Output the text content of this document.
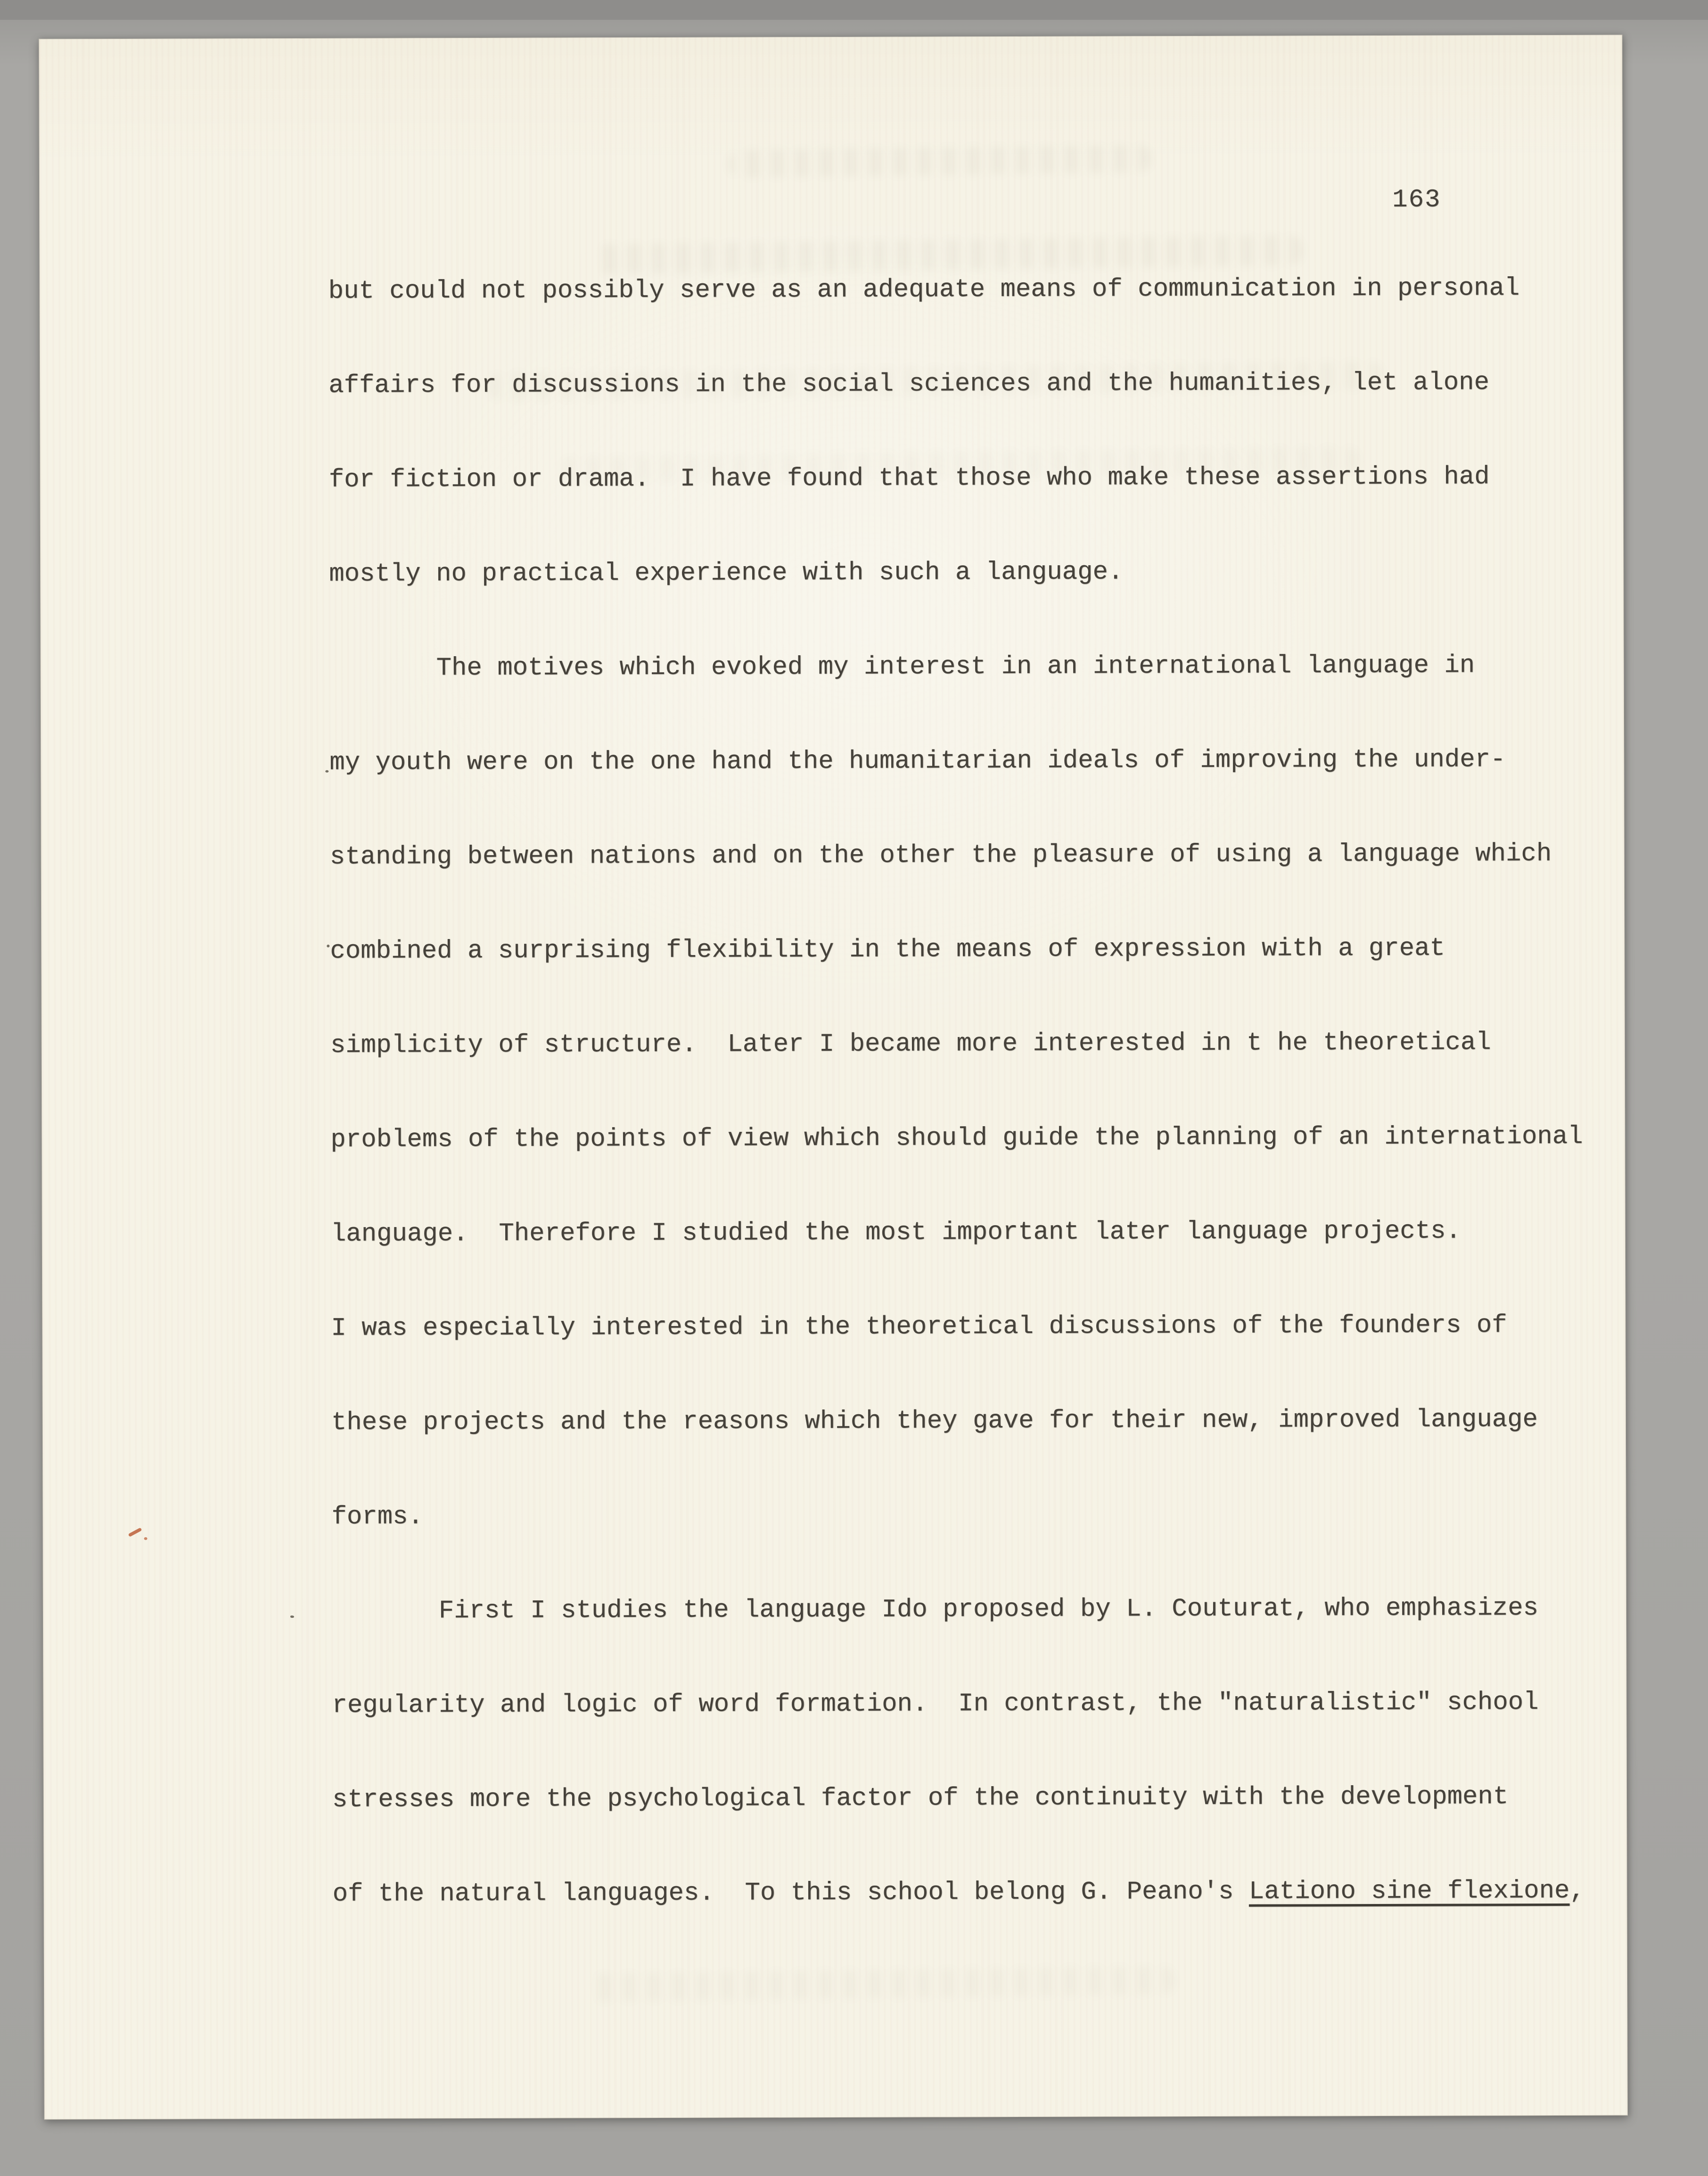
163
but could not possibly serve as an adequate means of communication in personal
affairs for discussions in the social sciences and the humanities, let alone
for fiction or drama.  I have found that those who make these assertions had
mostly no practical experience with such a language.
The motives which evoked my interest in an international language in
my youth were on the one hand the humanitarian ideals of improving the under-
standing between nations and on the other the pleasure of using a language which
combined a surprising flexibility in the means of expression with a great
simplicity of structure.  Later I became more interested in t he theoretical
problems of the points of view which should guide the planning of an international
language.  Therefore I studied the most important later language projects.
I was especially interested in the theoretical discussions of the founders of
these projects and the reasons which they gave for their new, improved language
forms.
First I studies the language Ido proposed by L. Couturat, who emphasizes
regularity and logic of word formation.  In contrast, the "naturalistic" school
stresses more the psychological factor of the continuity with the development
of the natural languages.  To this school belong G. Peano's Lationo sine flexione,
